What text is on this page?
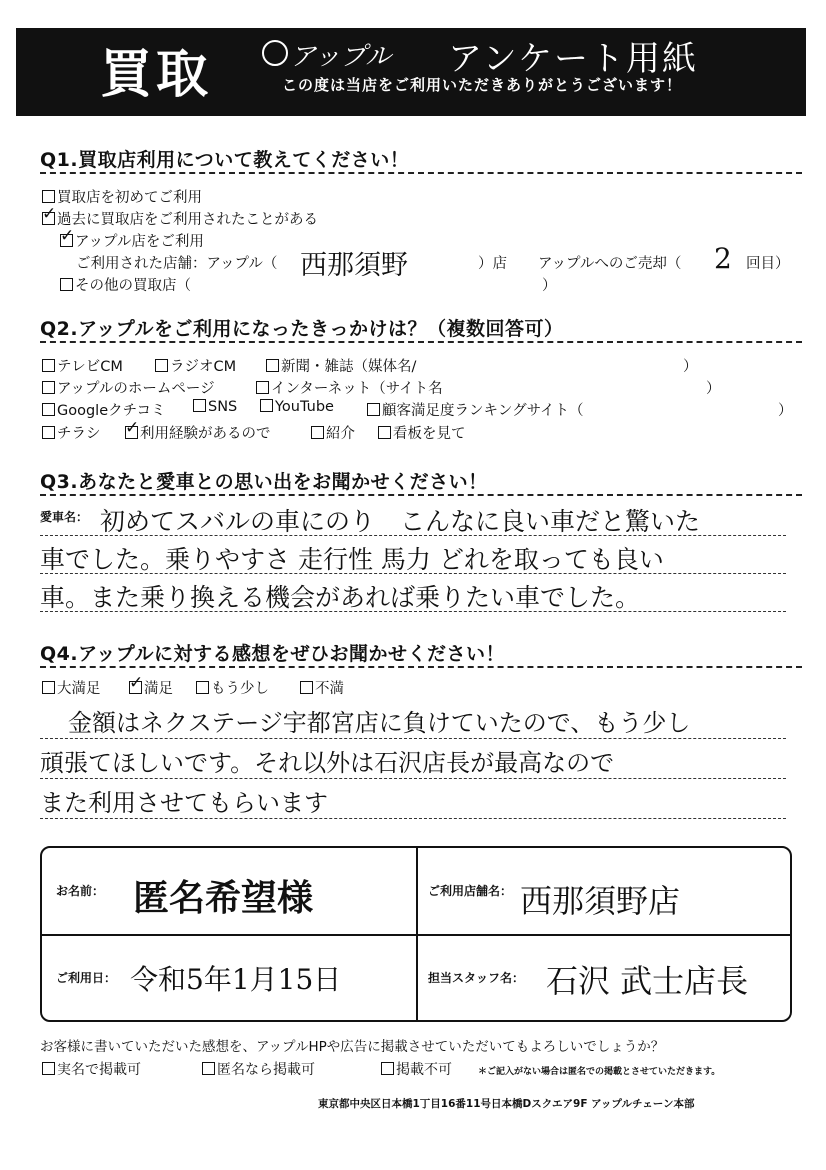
買取	アップル アンケート用紙
この度は当店をご利用いただきありがとうございます！
Q1.買取店利用について教えてください！
買取店を初めてご利用
✓過去に買取店をご利用されたことがある
✓アップル店をご利用
ご利用された店舗：アップル（ 西那須野	）店 アップルへのご売却（ 2 回目）
その他の買取店（	）
Q2.アップルをご利用になったきっかけは？（複数回答可）
テレビCM	ラジオCM	新聞・雑誌（媒体名/	）
アップルのホームページ	インターネット（サイト名	）
Googleクチコミ	SNS	YouTube	顧客満足度ランキングサイト（	）
チラシ ✓	利用経験があるので	紹介	看板を見て
Q3.あなたと愛車との思い出をお聞かせください！
愛車名： 初めてスバルの車にのり　こんなに良い車だと驚いた
車でした。乗りやすさ 走行性 馬力 どれを取っても良い
車。また乗り換える機会があれば乗りたい車でした。
Q4.アップルに対する感想をぜひお聞かせください！
大満足 ✓	満足	もう少し	不満
金額はネクステージ宇都宮店に負けていたので、もう少し
頑張てほしいです。それ以外は石沢店長が最高なので
また利用させてもらいます
お名前： 匿名希望様	ご利用店舗名： 西那須野店
ご利用日： 令和5年1月15日	担当スタッフ名： 石沢 武士店長
お客様に書いていただいた感想を、アップルHPや広告に掲載させていただいてもよろしいでしょうか？
実名で掲載可	匿名なら掲載可	掲載不可	＊ご記入がない場合は匿名での掲載とさせていただきます。
東京都中央区日本橋1丁目16番11号日本橋Dスクエア9F アップルチェーン本部
